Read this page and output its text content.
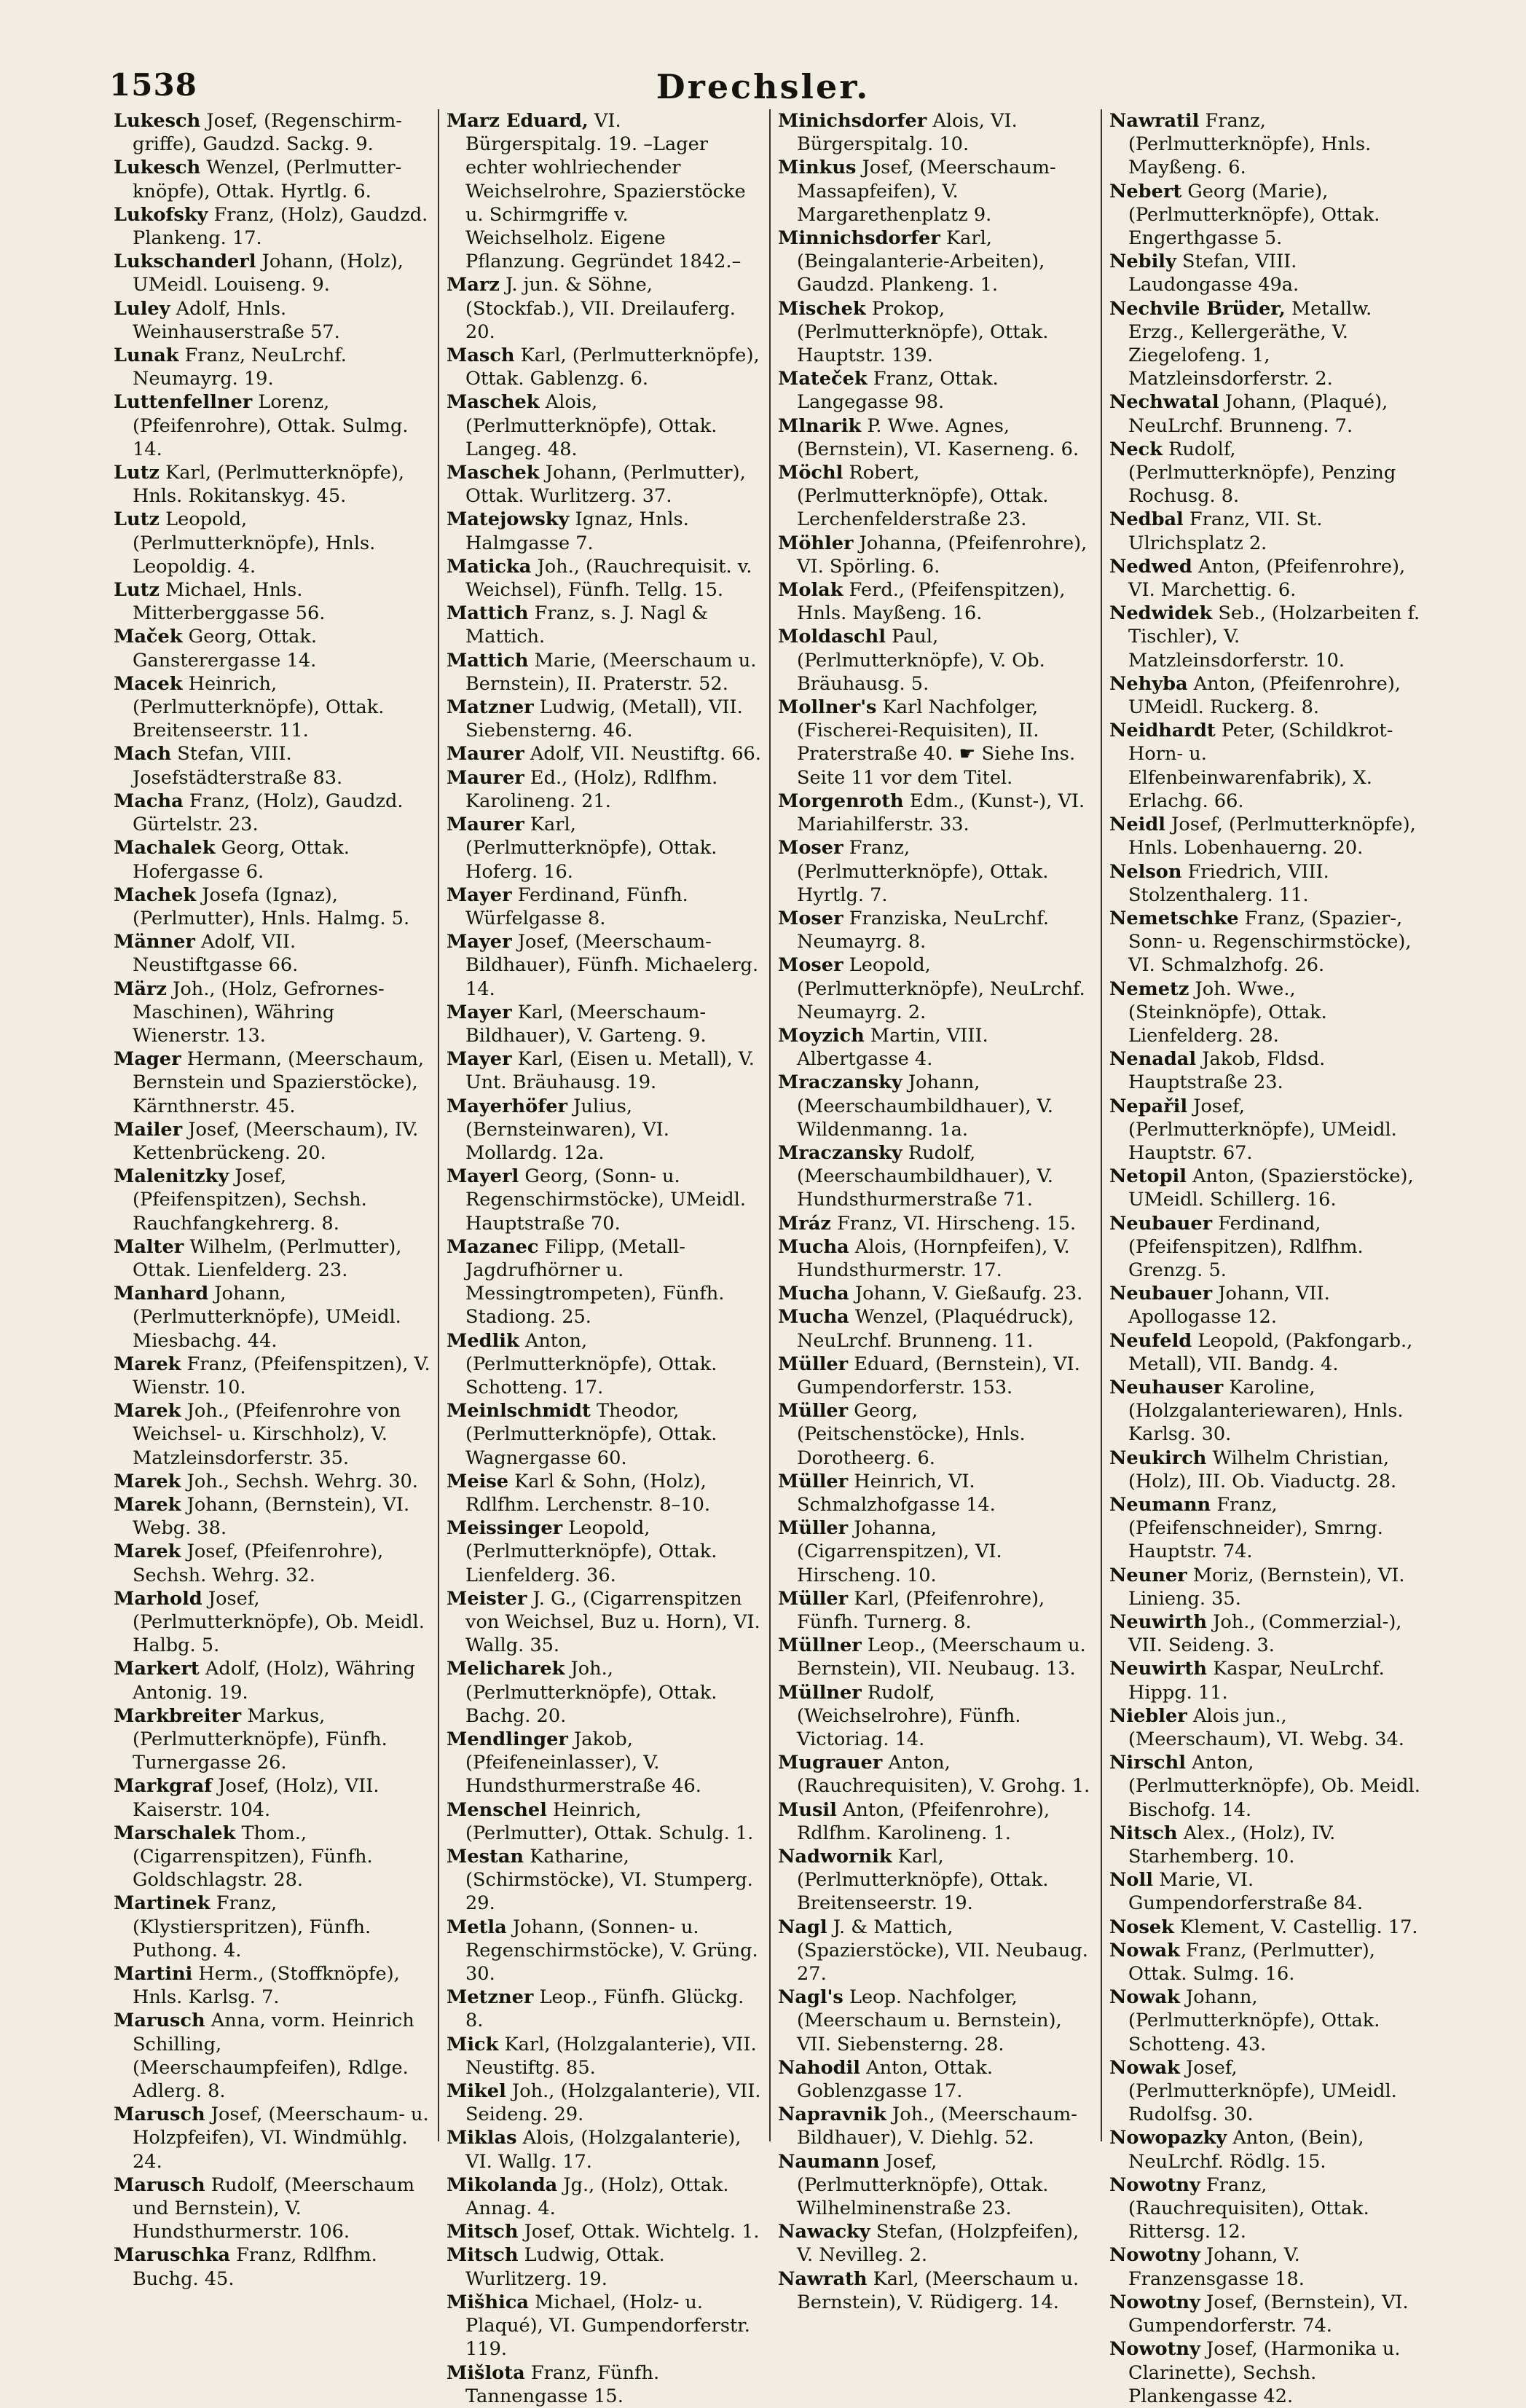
1538	Drechsler.

Lukesch Josef, (Regenschirm-griffe), Gaudzd. Sackg. 9.

Lukesch Wenzel, (Perlmutter-knöpfe), Ottak. Hyrtlg. 6.

Lukofsky Franz, (Holz), Gaudzd. Plankeng. 17.

Lukschanderl Johann, (Holz), UMeidl. Louiseng. 9.

Luley Adolf, Hnls. Weinhauserstraße 57.

Lunak Franz, NeuLrchf. Neumayrg. 19.

Luttenfellner Lorenz, (Pfeifenrohre), Ottak. Sulmg. 14.

Lutz Karl, (Perlmutterknöpfe), Hnls. Rokitanskyg. 45.

Lutz Leopold, (Perlmutterknöpfe), Hnls. Leopoldig. 4.

Lutz Michael, Hnls. Mitterberggasse 56.

Maček Georg, Ottak. Gansterergasse 14.

Macek Heinrich, (Perlmutterknöpfe), Ottak. Breitenseerstr. 11.

Mach Stefan, VIII. Josefstädterstraße 83.

Macha Franz, (Holz), Gaudzd. Gürtelstr. 23.

Machalek Georg, Ottak. Hofergasse 6.

Machek Josefa (Ignaz), (Perlmutter), Hnls. Halmg. 5.

Männer Adolf, VII. Neustiftgasse 66.

März Joh., (Holz, Gefrornes-Maschinen), Währing Wienerstr. 13.

Mager Hermann, (Meerschaum, Bernstein und Spazierstöcke), Kärnthnerstr. 45.

Mailer Josef, (Meerschaum), IV. Kettenbrückeng. 20.

Malenitzky Josef, (Pfeifenspitzen), Sechsh. Rauchfangkehrerg. 8.

Malter Wilhelm, (Perlmutter), Ottak. Lienfelderg. 23.

Manhard Johann, (Perlmutterknöpfe), UMeidl. Miesbachg. 44.

Marek Franz, (Pfeifenspitzen), V. Wienstr. 10.

Marek Joh., (Pfeifenrohre von Weichsel- u. Kirschholz), V. Matzleinsdorferstr. 35.

Marek Joh., Sechsh. Wehrg. 30.

Marek Johann, (Bernstein), VI. Webg. 38.

Marek Josef, (Pfeifenrohre), Sechsh. Wehrg. 32.

Marhold Josef, (Perlmutterknöpfe), Ob. Meidl. Halbg. 5.

Markert Adolf, (Holz), Währing Antonig. 19.

Markbreiter Markus, (Perlmutterknöpfe), Fünfh. Turnergasse 26.

Markgraf Josef, (Holz), VII. Kaiserstr. 104.

Marschalek Thom., (Cigarrenspitzen), Fünfh. Goldschlagstr. 28.

Martinek Franz, (Klystierspritzen), Fünfh. Puthong. 4.

Martini Herm., (Stoffknöpfe), Hnls. Karlsg. 7.

Marusch Anna, vorm. Heinrich Schilling, (Meerschaumpfeifen), Rdlge. Adlerg. 8.

Marusch Josef, (Meerschaum- u. Holzpfeifen), VI. Windmühlg. 24.

Marusch Rudolf, (Meerschaum und Bernstein), V. Hundsthurmerstr. 106.

Maruschka Franz, Rdlfhm. Buchg. 45.

Marz Eduard, VI. Bürgerspitalg. 19. –Lager echter wohlriechender Weichselrohre, Spazierstöcke u. Schirmgriffe v. Weichselholz. Eigene Pflanzung. Gegründet 1842.–

Marz J. jun. & Söhne, (Stockfab.), VII. Dreilauferg. 20.

Masch Karl, (Perlmutterknöpfe), Ottak. Gablenzg. 6.

Maschek Alois, (Perlmutterknöpfe), Ottak. Langeg. 48.

Maschek Johann, (Perlmutter), Ottak. Wurlitzerg. 37.

Matejowsky Ignaz, Hnls. Halmgasse 7.

Maticka Joh., (Rauchrequisit. v. Weichsel), Fünfh. Tellg. 15.

Mattich Franz, s. J. Nagl & Mattich.

Mattich Marie, (Meerschaum u. Bernstein), II. Praterstr. 52.

Matzner Ludwig, (Metall), VII. Siebensterng. 46.

Maurer Adolf, VII. Neustiftg. 66.

Maurer Ed., (Holz), Rdlfhm. Karolineng. 21.

Maurer Karl, (Perlmutterknöpfe), Ottak. Hoferg. 16.

Mayer Ferdinand, Fünfh. Würfelgasse 8.

Mayer Josef, (Meerschaum-Bildhauer), Fünfh. Michaelerg. 14.

Mayer Karl, (Meerschaum-Bildhauer), V. Garteng. 9.

Mayer Karl, (Eisen u. Metall), V. Unt. Bräuhausg. 19.

Mayerhöfer Julius, (Bernsteinwaren), VI. Mollardg. 12a.

Mayerl Georg, (Sonn- u. Regenschirmstöcke), UMeidl. Hauptstraße 70.

Mazanec Filipp, (Metall-Jagdrufhörner u. Messingtrompeten), Fünfh. Stadiong. 25.

Medlik Anton, (Perlmutterknöpfe), Ottak. Schotteng. 17.

Meinlschmidt Theodor, (Perlmutterknöpfe), Ottak. Wagnergasse 60.

Meise Karl & Sohn, (Holz), Rdlfhm. Lerchenstr. 8–10.

Meissinger Leopold, (Perlmutterknöpfe), Ottak. Lienfelderg. 36.

Meister J. G., (Cigarrenspitzen von Weichsel, Buz u. Horn), VI. Wallg. 35.

Melicharek Joh., (Perlmutterknöpfe), Ottak. Bachg. 20.

Mendlinger Jakob, (Pfeifeneinlasser), V. Hundsthurmerstraße 46.

Menschel Heinrich, (Perlmutter), Ottak. Schulg. 1.

Mestan Katharine, (Schirmstöcke), VI. Stumperg. 29.

Metla Johann, (Sonnen- u. Regenschirmstöcke), V. Grüng. 30.

Metzner Leop., Fünfh. Glückg. 8.

Mick Karl, (Holzgalanterie), VII. Neustiftg. 85.

Mikel Joh., (Holzgalanterie), VII. Seideng. 29.

Miklas Alois, (Holzgalanterie), VI. Wallg. 17.

Mikolanda Jg., (Holz), Ottak. Annag. 4.

Mitsch Josef, Ottak. Wichtelg. 1.

Mitsch Ludwig, Ottak. Wurlitzerg. 19.

Mišhica Michael, (Holz- u. Plaqué), VI. Gumpendorferstr. 119.

Mišlota Franz, Fünfh. Tannengasse 15.

Minichsdorfer Alois, VI. Bürgerspitalg. 10.

Minkus Josef, (Meerschaum-Massapfeifen), V. Margarethenplatz 9.

Minnichsdorfer Karl, (Beingalanterie-Arbeiten), Gaudzd. Plankeng. 1.

Mischek Prokop, (Perlmutterknöpfe), Ottak. Hauptstr. 139.

Mateček Franz, Ottak. Langegasse 98.

Mlnarik P. Wwe. Agnes, (Bernstein), VI. Kaserneng. 6.

Möchl Robert, (Perlmutterknöpfe), Ottak. Lerchenfelderstraße 23.

Möhler Johanna, (Pfeifenrohre), VI. Spörling. 6.

Molak Ferd., (Pfeifenspitzen), Hnls. Mayßeng. 16.

Moldaschl Paul, (Perlmutterknöpfe), V. Ob. Bräuhausg. 5.

Mollner's Karl Nachfolger, (Fischerei-Requisiten), II. Praterstraße 40. ☛ Siehe Ins. Seite 11 vor dem Titel.

Morgenroth Edm., (Kunst-), VI. Mariahilferstr. 33.

Moser Franz, (Perlmutterknöpfe), Ottak. Hyrtlg. 7.

Moser Franziska, NeuLrchf. Neumayrg. 8.

Moser Leopold, (Perlmutterknöpfe), NeuLrchf. Neumayrg. 2.

Moyzich Martin, VIII. Albertgasse 4.

Mraczansky Johann, (Meerschaumbildhauer), V. Wildenmanng. 1a.

Mraczansky Rudolf, (Meerschaumbildhauer), V. Hundsthurmerstraße 71.

Mráz Franz, VI. Hirscheng. 15.

Mucha Alois, (Hornpfeifen), V. Hundsthurmerstr. 17.

Mucha Johann, V. Gießaufg. 23.

Mucha Wenzel, (Plaquédruck), NeuLrchf. Brunneng. 11.

Müller Eduard, (Bernstein), VI. Gumpendorferstr. 153.

Müller Georg, (Peitschenstöcke), Hnls. Dorotheerg. 6.

Müller Heinrich, VI. Schmalzhofgasse 14.

Müller Johanna, (Cigarrenspitzen), VI. Hirscheng. 10.

Müller Karl, (Pfeifenrohre), Fünfh. Turnerg. 8.

Müllner Leop., (Meerschaum u. Bernstein), VII. Neubaug. 13.

Müllner Rudolf, (Weichselrohre), Fünfh. Victoriag. 14.

Mugrauer Anton, (Rauchrequisiten), V. Grohg. 1.

Musil Anton, (Pfeifenrohre), Rdlfhm. Karolineng. 1.

Nadwornik Karl, (Perlmutterknöpfe), Ottak. Breitenseerstr. 19.

Nagl J. & Mattich, (Spazierstöcke), VII. Neubaug. 27.

Nagl's Leop. Nachfolger, (Meerschaum u. Bernstein), VII. Siebensterng. 28.

Nahodil Anton, Ottak. Goblenzgasse 17.

Napravnik Joh., (Meerschaum-Bildhauer), V. Diehlg. 52.

Naumann Josef, (Perlmutterknöpfe), Ottak. Wilhelminenstraße 23.

Nawacky Stefan, (Holzpfeifen), V. Nevilleg. 2.

Nawrath Karl, (Meerschaum u. Bernstein), V. Rüdigerg. 14.

Nawratil Franz, (Perlmutterknöpfe), Hnls. Mayßeng. 6.

Nebert Georg (Marie), (Perlmutterknöpfe), Ottak. Engerthgasse 5.

Nebily Stefan, VIII. Laudongasse 49a.

Nechvile Brüder, Metallw. Erzg., Kellergeräthe, V. Ziegelofeng. 1, Matzleinsdorferstr. 2.

Nechwatal Johann, (Plaqué), NeuLrchf. Brunneng. 7.

Neck Rudolf, (Perlmutterknöpfe), Penzing Rochusg. 8.

Nedbal Franz, VII. St. Ulrichsplatz 2.

Nedwed Anton, (Pfeifenrohre), VI. Marchettig. 6.

Nedwidek Seb., (Holzarbeiten f. Tischler), V. Matzleinsdorferstr. 10.

Nehyba Anton, (Pfeifenrohre), UMeidl. Ruckerg. 8.

Neidhardt Peter, (Schildkrot-Horn- u. Elfenbeinwarenfabrik), X. Erlachg. 66.

Neidl Josef, (Perlmutterknöpfe), Hnls. Lobenhauerng. 20.

Nelson Friedrich, VIII. Stolzenthalerg. 11.

Nemetschke Franz, (Spazier-, Sonn- u. Regenschirmstöcke), VI. Schmalzhofg. 26.

Nemetz Joh. Wwe., (Steinknöpfe), Ottak. Lienfelderg. 28.

Nenadal Jakob, Fldsd. Hauptstraße 23.

Nepařil Josef, (Perlmutterknöpfe), UMeidl. Hauptstr. 67.

Netopil Anton, (Spazierstöcke), UMeidl. Schillerg. 16.

Neubauer Ferdinand, (Pfeifenspitzen), Rdlfhm. Grenzg. 5.

Neubauer Johann, VII. Apollogasse 12.

Neufeld Leopold, (Pakfongarb., Metall), VII. Bandg. 4.

Neuhauser Karoline, (Holzgalanteriewaren), Hnls. Karlsg. 30.

Neukirch Wilhelm Christian, (Holz), III. Ob. Viaductg. 28.

Neumann Franz, (Pfeifenschneider), Smrng. Hauptstr. 74.

Neuner Moriz, (Bernstein), VI. Linieng. 35.

Neuwirth Joh., (Commerzial-), VII. Seideng. 3.

Neuwirth Kaspar, NeuLrchf. Hippg. 11.

Niebler Alois jun., (Meerschaum), VI. Webg. 34.

Nirschl Anton, (Perlmutterknöpfe), Ob. Meidl. Bischofg. 14.

Nitsch Alex., (Holz), IV. Starhemberg. 10.

Noll Marie, VI. Gumpendorferstraße 84.

Nosek Klement, V. Castellig. 17.

Nowak Franz, (Perlmutter), Ottak. Sulmg. 16.

Nowak Johann, (Perlmutterknöpfe), Ottak. Schotteng. 43.

Nowak Josef, (Perlmutterknöpfe), UMeidl. Rudolfsg. 30.

Nowopazky Anton, (Bein), NeuLrchf. Rödlg. 15.

Nowotny Franz, (Rauchrequisiten), Ottak. Rittersg. 12.

Nowotny Johann, V. Franzensgasse 18.

Nowotny Josef, (Bernstein), VI. Gumpendorferstr. 74.

Nowotny Josef, (Harmonika u. Clarinette), Sechsh. Plankengasse 42.
